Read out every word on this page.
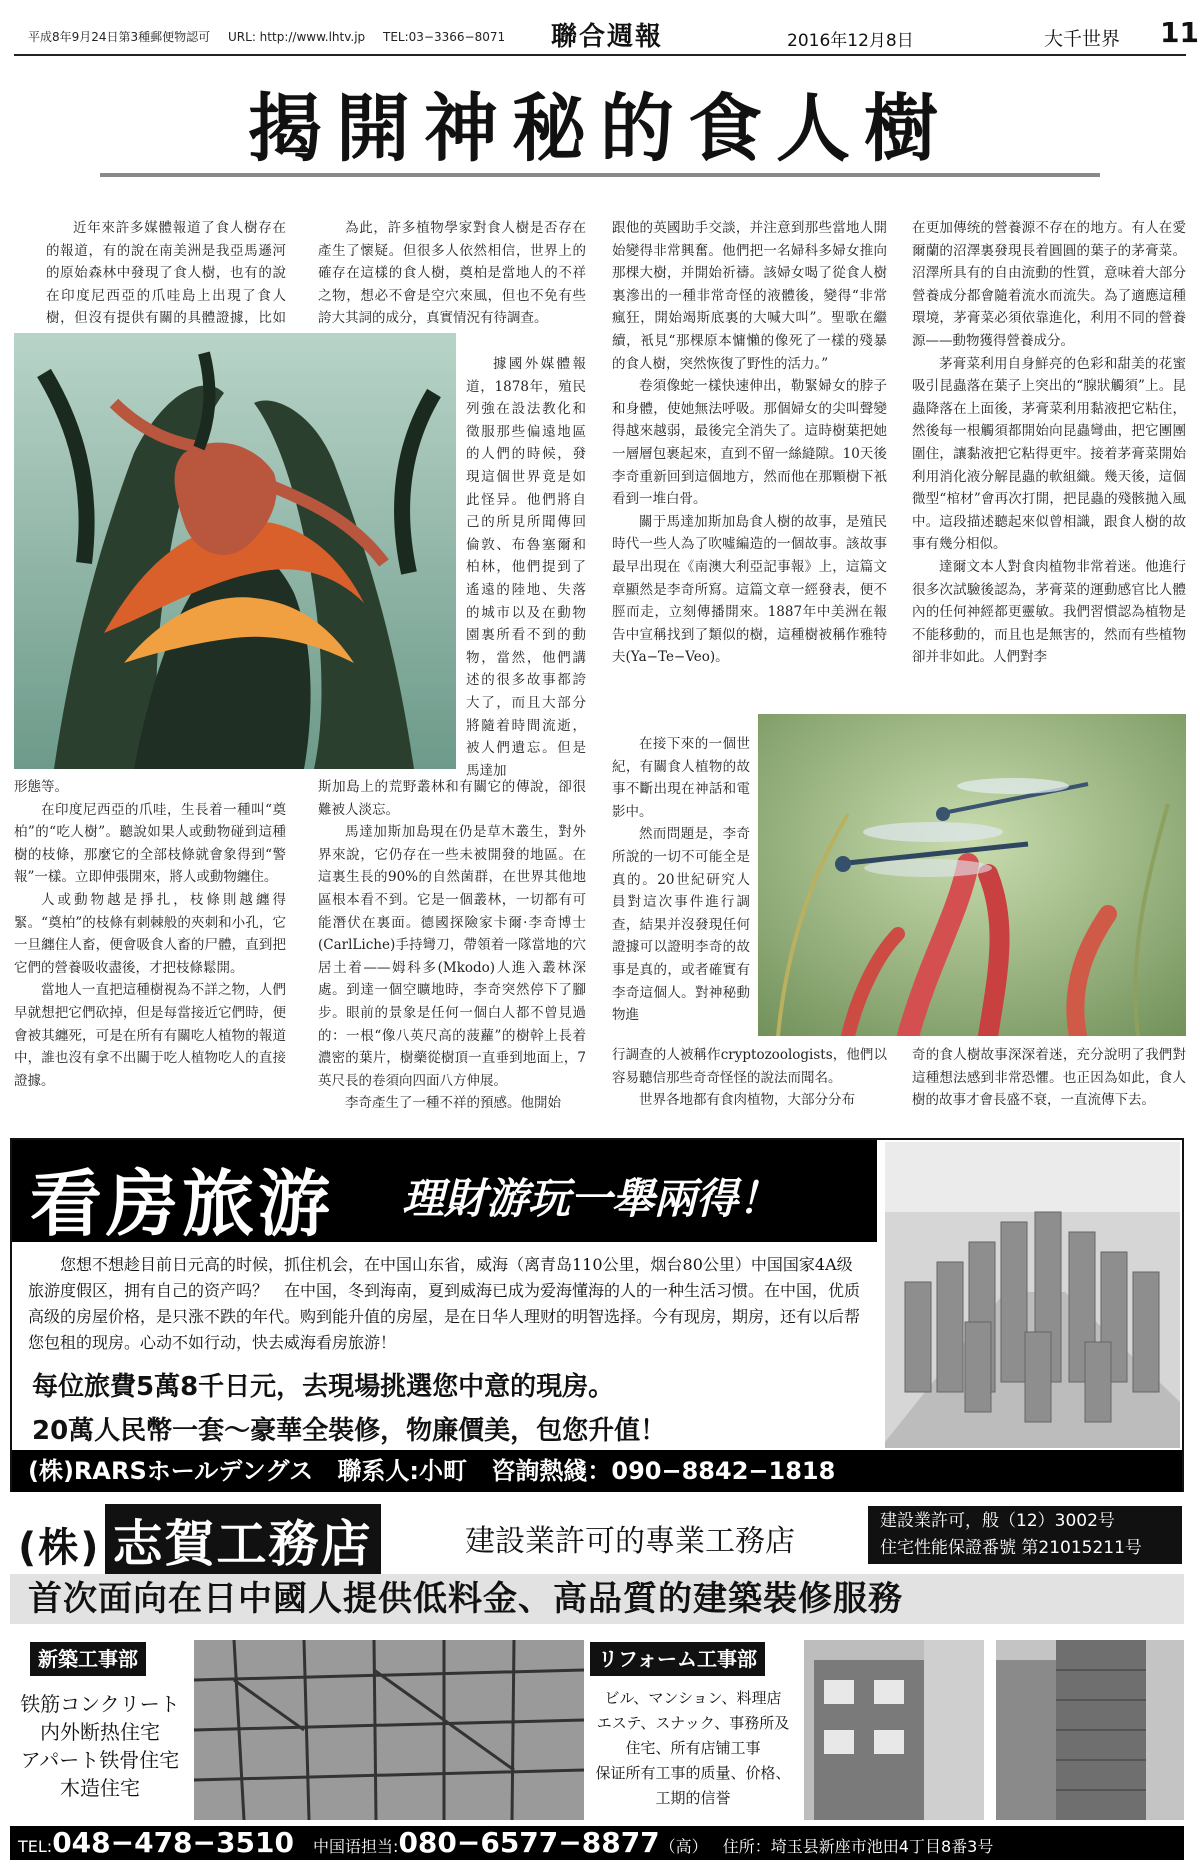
平成8年9月24日第3種郵便物認可 URL: http://www.lhtv.jp TEL:03−3366−8071	聯合週報	2016年12月8日	大千世界 11
揭開神秘的食人樹

近年來許多媒體報道了食人樹存在的報道，有的說在南美洲是我亞馬遜河的原始森林中發現了食人樹，也有的說在印度尼西亞的爪哇島上出現了食人樹，但沒有提供有關的具體證據，比如

形態等。

在印度尼西亞的爪哇，生長着一種叫“奠柏”的“吃人樹”。聽說如果人或動物碰到這種樹的枝條，那麼它的全部枝條就會象得到“警報”一樣。立即伸張開來，將人或動物纏住。

人或動物越是掙扎，枝條則越纏得緊。“奠柏”的枝條有刺棘般的夾刺和小孔，它一旦纏住人畜，便會吸食人畜的尸體，直到把它們的營養吸收盡後，才把枝條鬆開。

當地人一直把這種樹視為不詳之物，人們早就想把它們砍掉，但是每當接近它們時，便會被其纏死，可是在所有有關吃人植物的報道中，誰也沒有拿不出關于吃人植物吃人的直接證據。

為此，許多植物學家對食人樹是否存在產生了懷疑。但很多人依然相信，世界上的確存在這樣的食人樹，奠柏是當地人的不祥之物，想必不會是空穴來風，但也不免有些誇大其詞的成分，真實情況有待調查。

據國外媒體報道，1878年，殖民列強在設法教化和徵服那些偏遠地區的人們的時候，發現這個世界竟是如此怪异。他們將自己的所見所聞傳回倫敦、布魯塞爾和柏林，他們提到了遙遠的陸地、失落的城市以及在動物園裏所看不到的動物，當然，他們講述的很多故事都誇大了，而且大部分將隨着時間流逝，被人們遺忘。但是馬達加

斯加島上的荒野叢林和有關它的傳說，卻很難被人淡忘。

馬達加斯加島現在仍是草木叢生，對外界來說，它仍存在一些未被開發的地區。在這裏生長的90%的自然菌群，在世界其他地區根本看不到。它是一個叢林，一切都有可能潛伏在裏面。德國探險家卡爾·李奇博士(CarlLiche)手持彎刀，帶領着一隊當地的穴居土着——姆科多(Mkodo)人進入叢林深處。到達一個空曠地時，李奇突然停下了腳步。眼前的景象是任何一個白人都不曾見過的：一根“像八英尺高的菠蘿”的樹幹上長着濃密的葉片，樹藥從樹頂一直垂到地面上，7英尺長的卷須向四面八方伸展。

李奇產生了一種不祥的預感。他開始

跟他的英國助手交談，并注意到那些當地人開始變得非常興奮。他們把一名婦科多婦女推向那棵大樹，并開始祈禱。該婦女喝了從食人樹裏滲出的一種非常奇怪的液體後，變得“非常瘋狂，開始竭斯底裏的大喊大叫”。聖歌在繼續，衹見“那棵原本慵懶的像死了一樣的殘暴的食人樹，突然恢復了野性的活力。”

卷須像蛇一樣快速伸出，勒緊婦女的脖子和身體，使她無法呼吸。那個婦女的尖叫聲變得越來越弱，最後完全消失了。這時樹葉把她一層層包裹起來，直到不留一絲縫隙。10天後李奇重新回到這個地方，然而他在那顆樹下衹看到一堆白骨。

關于馬達加斯加島食人樹的故事，是殖民時代一些人為了吹噓編造的一個故事。該故事最早出現在《南澳大利亞記事報》上，這篇文章顯然是李奇所寫。這篇文章一經發表，便不脛而走，立刻傳播開來。1887年中美洲在報告中宣稱找到了類似的樹，這種樹被稱作雅特夫(Ya−Te−Veo)。

在接下來的一個世紀，有關食人植物的故事不斷出現在神話和電影中。

然而問題是，李奇所說的一切不可能全是真的。20世紀研究人員對這次事件進行調查，結果并沒發現任何證據可以證明李奇的故事是真的，或者確實有李奇這個人。對神秘動物進

行調查的人被稱作cryptozoologists，他們以容易聽信那些奇奇怪怪的說法而聞名。

世界各地都有食肉植物，大部分分布

在更加傳统的營養源不存在的地方。有人在愛爾蘭的沼澤裏發現長着圓圓的葉子的茅膏菜。沼澤所具有的自由流動的性質，意味着大部分營養成分都會隨着流水而流失。為了適應這種環境，茅膏菜必須依靠進化，利用不同的營養源——動物獲得營養成分。

茅膏菜利用自身鮮亮的色彩和甜美的花蜜吸引昆蟲落在葉子上突出的“腺狀觸須”上。昆蟲降落在上面後，茅膏菜利用黏液把它粘住，然後每一根觸須都開始向昆蟲彎曲，把它團團圍住，讓黏液把它粘得更牢。接着茅膏菜開始利用消化液分解昆蟲的軟組織。幾天後，這個微型“棺材”會再次打開，把昆蟲的殘骸拋入風中。這段描述聽起來似曾相識，跟食人樹的故事有幾分相似。

達爾文本人對食肉植物非常着迷。他進行很多次試驗後認為，茅膏菜的運動感官比人體內的任何神經都更靈敏。我們習慣認為植物是不能移動的，而且也是無害的，然而有些植物卻并非如此。人們對李

奇的食人樹故事深深着迷，充分說明了我們對這種想法感到非常恐懼。也正因為如此，食人樹的故事才會長盛不衰，一直流傳下去。

看房旅游 理財游玩一舉兩得！
您想不想趁目前日元高的时候，抓住机会，在中国山东省，威海（离青岛110公里，烟台80公里）中国国家4A级旅游度假区，拥有自己的资产吗？　在中国，冬到海南，夏到威海已成为爱海懂海的人的一种生活习惯。在中国，优质高级的房屋价格，是只涨不跌的年代。购到能升值的房屋，是在日华人理财的明智选择。今有现房，期房，还有以后帮您包租的现房。心动不如行动，快去威海看房旅游！
每位旅費5萬8千日元，去現場挑選您中意的現房。
20萬人民幣一套～豪華全裝修，物廉價美，包您升值！
(株)RARSホールデングス 聯系人:小町 咨詢熱綫：090−8842−1818
(株) 志賀工務店	建設業許可的專業工務店
建設業許可，般（12）3002号
住宅性能保證番號 第21015211号
首次面向在日中國人提供低料金、高品質的建築裝修服務
新築工事部
铁筋コンクリート
内外断热住宅
アパート铁骨住宅
木造住宅
リフォーム工事部
ビル、マンション、料理店
エステ、スナック、事務所及
住宅、所有店铺工事
保证所有工事的质量、价格、
工期的信誉
TEL:048−478−3510 中国语担当:080−6577−8877（高） 住所：埼玉县新座市池田4丁目8番3号
